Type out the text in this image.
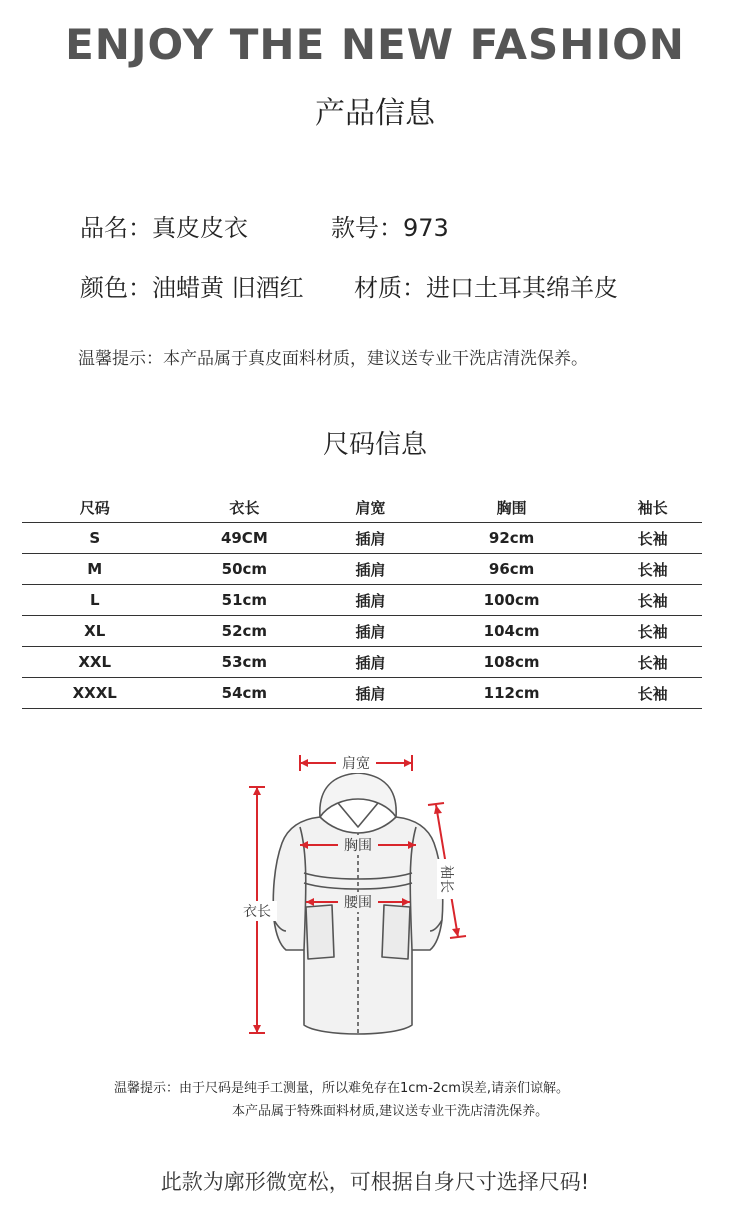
ENJOY THE NEW FASHION
产品信息
品名：真皮皮衣	款号：973
颜色：油蜡黄 旧酒红 材质：进口土耳其绵羊皮
温馨提示：本产品属于真皮面料材质，建议送专业干洗店清洗保养。
尺码信息
尺码	衣长	肩宽	胸围	袖长
S	49CM	插肩	92cm	长袖
M	50cm	插肩	96cm	长袖
L	51cm	插肩	100cm	长袖
XL	52cm	插肩	104cm	长袖
XXL	53cm	插肩	108cm	长袖
XXXL	54cm	插肩	112cm	长袖
肩宽
胸围
腰围
衣长
袖长
温馨提示：由于尺码是纯手工测量，所以难免存在1cm-2cm误差,请亲们谅解。
本产品属于特殊面料材质,建议送专业干洗店清洗保养。
此款为廓形微宽松，可根据自身尺寸选择尺码!
